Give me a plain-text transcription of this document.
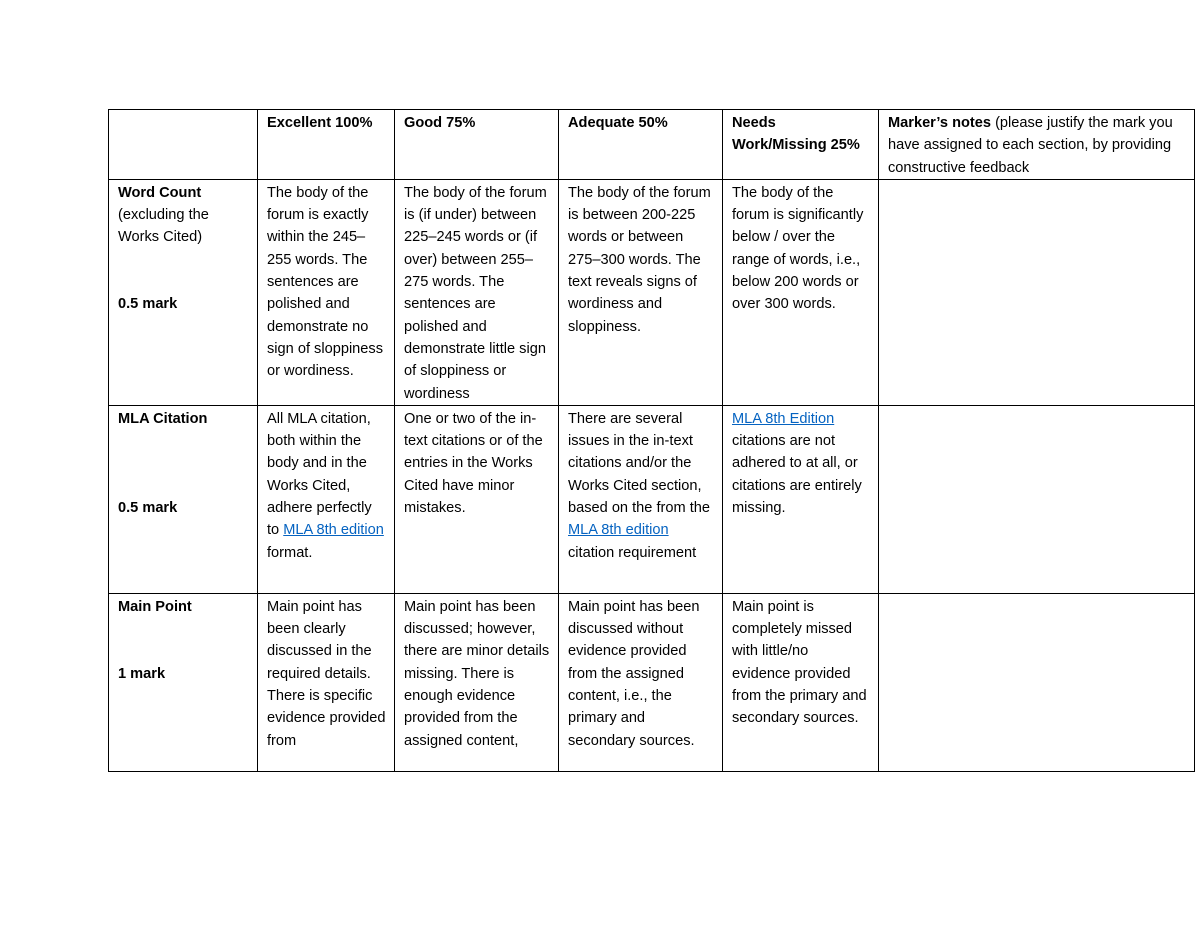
	Excellent 100%	Good 75%	Adequate 50%	Needs Work/Missing 25%	Marker’s notes (please justify the mark you have assigned to each section, by providing constructive feedback

Word Count
(excluding the Works Cited)
0.5 mark	The body of the forum is exactly within the 245–255 words. The sentences are polished and demonstrate no sign of sloppiness or wordiness.	The body of the forum is (if under) between 225–245 words or (if over) between 255–275 words. The sentences are polished and demonstrate little sign of sloppiness or wordiness	The body of the forum is between 200-225 words or between 275–300 words. The text reveals signs of wordiness and sloppiness.	The body of the forum is significantly below / over the range of words, i.e., below 200 words or over 300 words.	

MLA Citation
0.5 mark	All MLA citation, both within the body and in the Works Cited, adhere perfectly to MLA 8th edition format.	One or two of the in-text citations or of the entries in the Works Cited have minor mistakes.	There are several issues in the in-text citations and/or the Works Cited section, based on the from the MLA 8th edition citation requirement	MLA 8th Edition citations are not adhered to at all, or citations are entirely missing.	

Main Point
1 mark	Main point has been clearly discussed in the required details. There is specific evidence provided from	Main point has been discussed; however, there are minor details missing. There is enough evidence provided from the assigned content,	Main point has been discussed without evidence provided from the assigned content, i.e., the primary and secondary sources.	Main point is completely missed with little/no evidence provided from the primary and secondary sources.	
